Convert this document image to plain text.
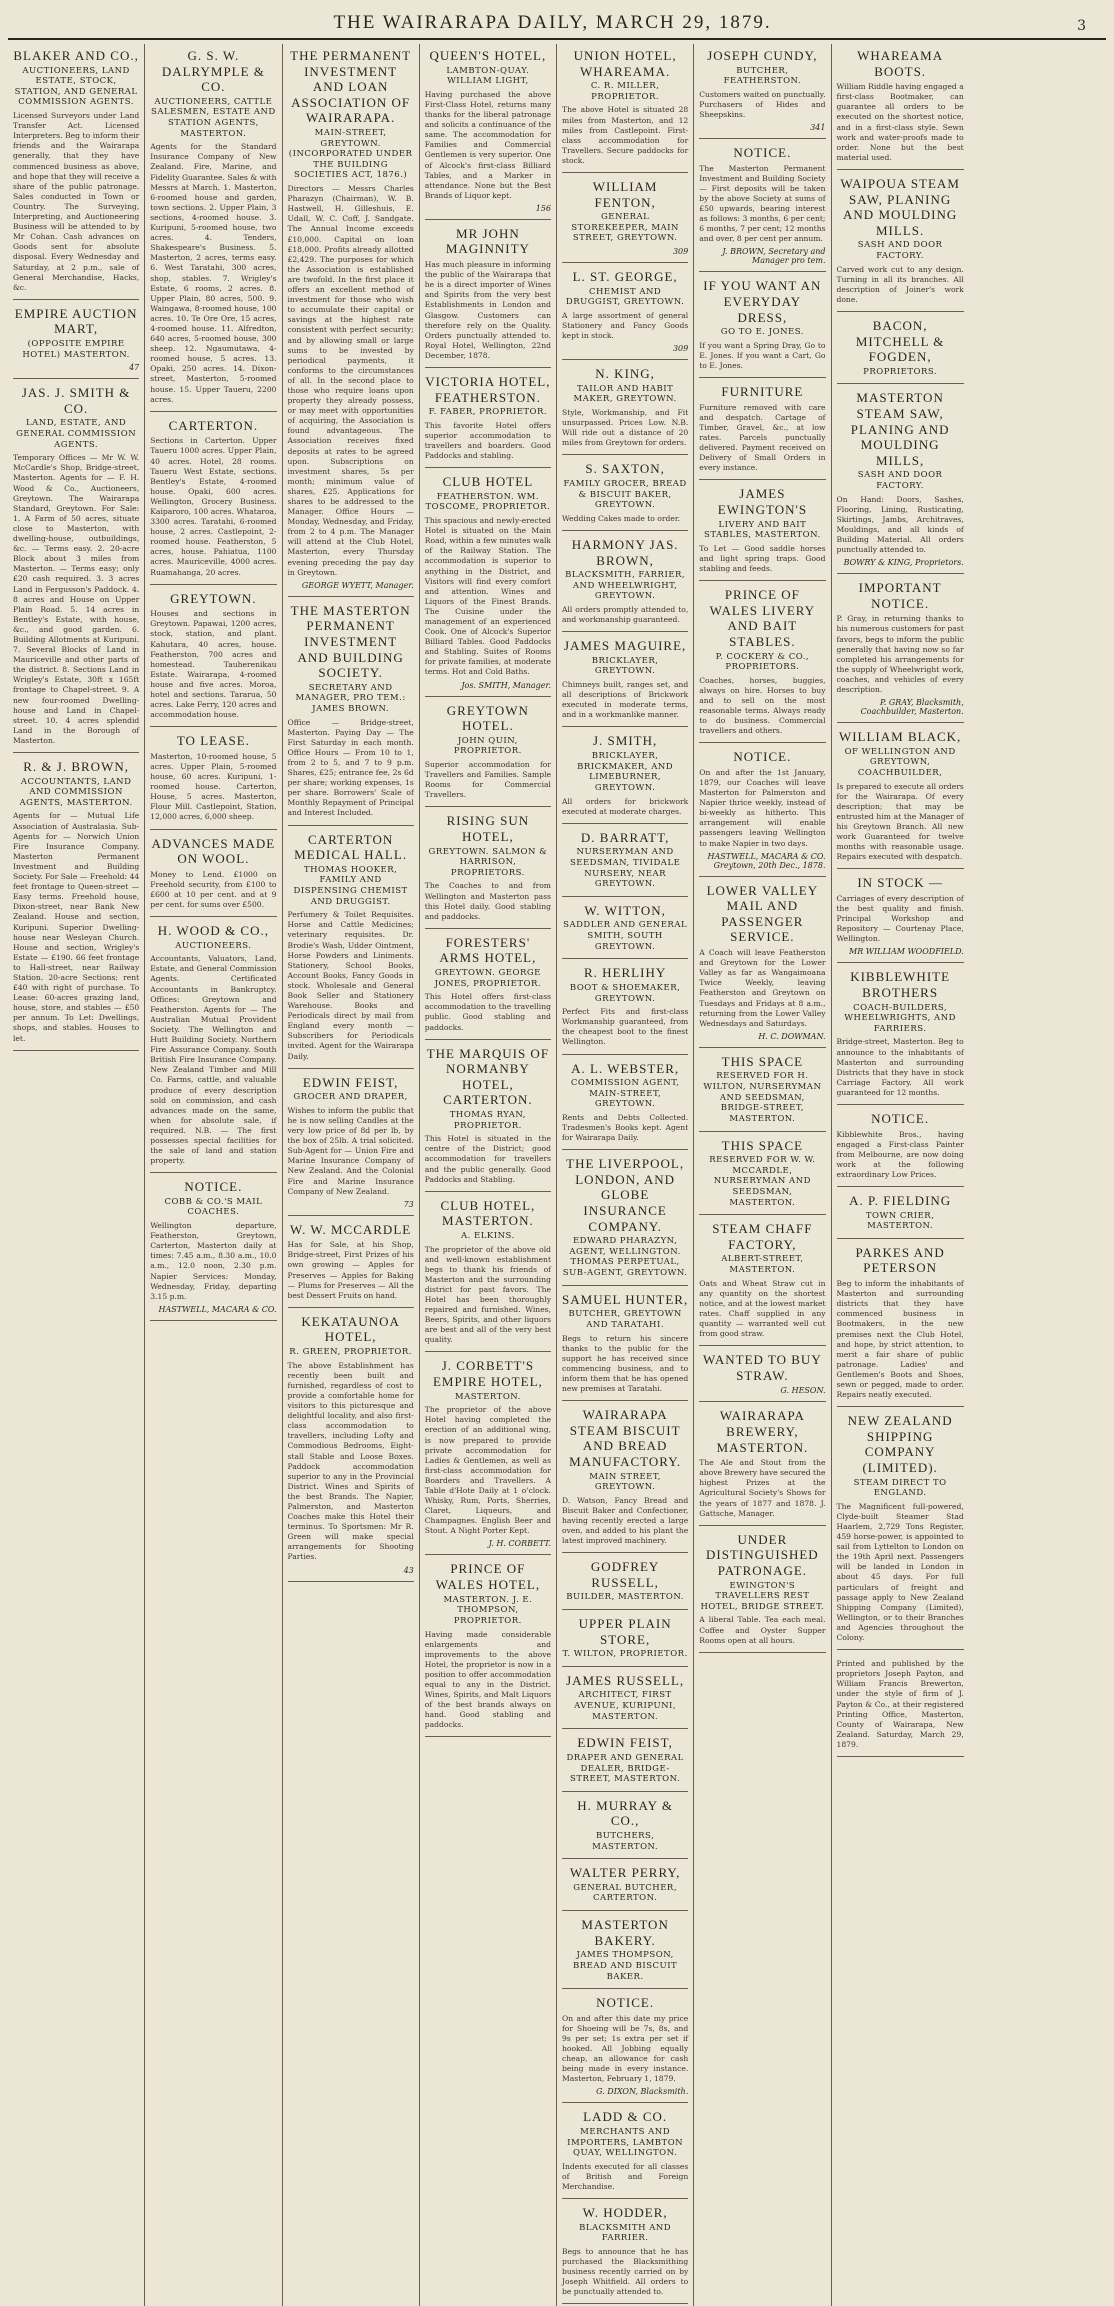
THE WAIRARAPA DAILY, MARCH 29, 1879.	3
BLAKER AND CO.,
AUCTIONEERS, LAND ESTATE, STOCK, STATION, AND GENERAL COMMISSION AGENTS.
Licensed Surveyors under Land Transfer Act. Licensed Interpreters. Beg to inform their friends and the Wairarapa generally, that they have commenced business as above, and hope that they will receive a share of the public patronage. Sales conducted in Town or Country. The Surveying, Interpreting, and Auctioneering Business will be attended to by Mr Cohan. Cash advances on Goods sent for absolute disposal. Every Wednesday and Saturday, at 2 p.m., sale of General Merchandise, Hacks, &c.
EMPIRE AUCTION MART,
(OPPOSITE EMPIRE HOTEL) MASTERTON.
47
JAS. J. SMITH & CO.
LAND, ESTATE, AND GENERAL COMMISSION AGENTS.
Temporary Offices — Mr W. W. McCardle's Shop, Bridge-street, Masterton. Agents for — F. H. Wood & Co., Auctioneers, Greytown. The Wairarapa Standard, Greytown. For Sale: 1. A Farm of 50 acres, situate close to Masterton, with dwelling-house, outbuildings, &c. — Terms easy. 2. 20-acre Block about 3 miles from Masterton. — Terms easy; only £20 cash required. 3. 3 acres Land in Fergusson's Paddock. 4. 8 acres and House on Upper Plain Road. 5. 14 acres in Bentley's Estate, with house, &c., and good garden. 6. Building Allotments at Kuripuni. 7. Several Blocks of Land in Mauriceville and other parts of the district. 8. Sections Land in Wrigley's Estate, 30ft x 165ft frontage to Chapel-street. 9. A new four-roomed Dwelling-house and Land in Chapel-street. 10. 4 acres splendid Land in the Borough of Masterton.
R. & J. BROWN,
ACCOUNTANTS, LAND AND COMMISSION AGENTS, MASTERTON.
Agents for — Mutual Life Association of Australasia. Sub-Agents for — Norwich Union Fire Insurance Company. Masterton Permanent Investment and Building Society. For Sale — Freehold: 44 feet frontage to Queen-street — Easy terms. Freehold house, Dixon-street, near Bank New Zealand. House and section, Kuripuni. Superior Dwelling-house near Wesleyan Church. House and section, Wrigley's Estate — £190. 66 feet frontage to Hall-street, near Railway Station. 20-acre Sections; rent £40 with right of purchase. To Lease: 60-acres grazing land, house, store, and stables — £50 per annum. To Let: Dwellings, shops, and stables. Houses to let.
G. S. W. DALRYMPLE & CO.
AUCTIONEERS, CATTLE SALESMEN, ESTATE AND STATION AGENTS, MASTERTON.
Agents for the Standard Insurance Company of New Zealand. Fire, Marine, and Fidelity Guarantee. Sales & with Messrs at March. 1. Masterton, 6-roomed house and garden, town sections. 2. Upper Plain, 3 sections, 4-roomed house. 3. Kuripuni, 5-roomed house, two acres. 4. Tenders, Shakespeare's Business. 5. Masterton, 2 acres, terms easy. 6. West Taratahi, 300 acres, shop, stables. 7. Wrigley's Estate, 6 rooms, 2 acres. 8. Upper Plain, 80 acres, 500. 9. Waingawa, 8-roomed house, 100 acres. 10. Te Ore Ore, 15 acres, 4-roomed house. 11. Alfredton, 640 acres, 5-roomed house, 300 sheep. 12. Ngaumutawa, 4-roomed house, 5 acres. 13. Opaki, 250 acres. 14. Dixon-street, Masterton, 5-roomed house. 15. Upper Taueru, 2200 acres.
CARTERTON.
Sections in Carterton. Upper Taueru 1000 acres. Upper Plain, 40 acres. Hotel, 28 rooms. Taueru West Estate, sections. Bentley's Estate, 4-roomed house. Opaki, 600 acres. Wellington, Grocery Business. Kaiparoro, 100 acres. Whataroa, 3300 acres. Taratahi, 6-roomed house, 2 acres. Castlepoint, 2-roomed house. Featherston, 5 acres, house. Pahiatua, 1100 acres. Mauriceville, 4000 acres. Ruamahanga, 20 acres.
GREYTOWN.
Houses and sections in Greytown. Papawai, 1200 acres, stock, station, and plant. Kahutara, 40 acres, house. Featherston, 700 acres and homestead. Tauherenikau Estate. Wairarapa, 4-roomed house and five acres. Moroa, hotel and sections. Tararua, 50 acres. Lake Ferry, 120 acres and accommodation house.
TO LEASE.
Masterton, 10-roomed house, 5 acres. Upper Plain, 5-roomed house, 60 acres. Kuripuni, 1-roomed house. Carterton, House, 5 acres. Masterton, Flour Mill. Castlepoint, Station, 12,000 acres, 6,000 sheep.
ADVANCES MADE ON WOOL.
Money to Lend. £1000 on Freehold security, from £100 to £600 at 10 per cent. and at 9 per cent. for sums over £500.
H. WOOD & CO.,
AUCTIONEERS.
Accountants, Valuators, Land, Estate, and General Commission Agents. Certificated Accountants in Bankruptcy. Offices: Greytown and Featherston. Agents for — The Australian Mutual Provident Society. The Wellington and Hutt Building Society. Northern Fire Assurance Company. South British Fire Insurance Company. New Zealand Timber and Mill Co. Farms, cattle, and valuable produce of every description sold on commission, and cash advances made on the same, when for absolute sale, if required. N.B. — The first possesses special facilities for the sale of land and station property.
NOTICE.
COBB & CO.'S MAIL COACHES.
Wellington departure, Featherston, Greytown, Carterton, Masterton daily at times: 7.45 a.m., 8.30 a.m., 10.0 a.m., 12.0 noon, 2.30 p.m. Napier Services: Monday, Wednesday, Friday, departing 3.15 p.m.
HASTWELL, MACARA & CO.
THE PERMANENT INVESTMENT AND LOAN ASSOCIATION OF WAIRARAPA.
MAIN-STREET, GREYTOWN. (INCORPORATED UNDER THE BUILDING SOCIETIES ACT, 1876.)
Directors — Messrs Charles Pharazyn (Chairman), W. B. Hastwell, H. Gilleshuis, E. Udall, W. C. Coff, J. Sandgate. The Annual Income exceeds £10,000. Capital on loan £18,000. Profits already allotted £2,429. The purposes for which the Association is established are twofold. In the first place it offers an excellent method of investment for those who wish to accumulate their capital or savings at the highest rate consistent with perfect security; and by allowing small or large sums to be invested by periodical payments, it conforms to the circumstances of all. In the second place to those who require loans upon property they already possess, or may meet with opportunities of acquiring, the Association is found advantageous. The Association receives fixed deposits at rates to be agreed upon. Subscriptions on investment shares, 5s per month; minimum value of shares, £25. Applications for shares to be addressed to the Manager. Office Hours — Monday, Wednesday, and Friday, from 2 to 4 p.m. The Manager will attend at the Club Hotel, Masterton, every Thursday evening preceding the pay day in Greytown.
GEORGE WYETT, Manager.
THE MASTERTON PERMANENT INVESTMENT AND BUILDING SOCIETY.
SECRETARY AND MANAGER, PRO TEM.: JAMES BROWN.
Office — Bridge-street, Masterton. Paying Day — The First Saturday in each month. Office Hours — From 10 to 1, from 2 to 5, and 7 to 9 p.m. Shares, £25; entrance fee, 2s 6d per share; working expenses, 1s per share. Borrowers' Scale of Monthly Repayment of Principal and Interest Included.
CARTERTON MEDICAL HALL.
THOMAS HOOKER, FAMILY AND DISPENSING CHEMIST AND DRUGGIST.
Perfumery & Toilet Requisites. Horse and Cattle Medicines; veterinary requisites. Dr. Brodie's Wash, Udder Ointment, Horse Powders and Liniments. Stationery, School Books, Account Books, Fancy Goods in stock. Wholesale and General Book Seller and Stationery Warehouse. Books and Periodicals direct by mail from England every month — Subscribers for Periodicals invited. Agent for the Wairarapa Daily.
EDWIN FEIST,
GROCER AND DRAPER,
Wishes to inform the public that he is now selling Candles at the very low price of 8d per lb, by the box of 25lb. A trial solicited. Sub-Agent for — Union Fire and Marine Insurance Company of New Zealand. And the Colonial Fire and Marine Insurance Company of New Zealand.
73
W. W. MCCARDLE
Has for Sale, at his Shop, Bridge-street, First Prizes of his own growing — Apples for Preserves — Apples for Baking — Plums for Preserves — All the best Dessert Fruits on hand.
KEKATAUNOA HOTEL,
R. GREEN, PROPRIETOR.
The above Establishment has recently been built and furnished, regardless of cost to provide a comfortable home for visitors to this picturesque and delightful locality, and also first-class accommodation to travellers, including Lofty and Commodious Bedrooms, Eight-stall Stable and Loose Boxes. Paddock accommodation superior to any in the Provincial District. Wines and Spirits of the best Brands. The Napier, Palmerston, and Masterton Coaches make this Hotel their terminus. To Sportsmen: Mr R. Green will make special arrangements for Shooting Parties.
43
QUEEN'S HOTEL,
LAMBTON-QUAY. WILLIAM LIGHT,
Having purchased the above First-Class Hotel, returns many thanks for the liberal patronage and solicits a continuance of the same. The accommodation for Families and Commercial Gentlemen is very superior. One of Alcock's first-class Billiard Tables, and a Marker in attendance. None but the Best Brands of Liquor kept.
156
MR JOHN MAGINNITY
Has much pleasure in informing the public of the Wairarapa that he is a direct importer of Wines and Spirits from the very best Establishments in London and Glasgow. Customers can therefore rely on the Quality. Orders punctually attended to. Royal Hotel, Wellington, 22nd December, 1878.
VICTORIA HOTEL, FEATHERSTON.
F. FABER, PROPRIETOR.
This favorite Hotel offers superior accommodation to travellers and boarders. Good Paddocks and stabling.
CLUB HOTEL
FEATHERSTON. WM. TOSCOME, PROPRIETOR.
This spacious and newly-erected Hotel is situated on the Main Road, within a few minutes walk of the Railway Station. The accommodation is superior to anything in the District, and Visitors will find every comfort and attention. Wines and Liquors of the Finest Brands. The Cuisine under the management of an experienced Cook. One of Alcock's Superior Billiard Tables. Good Paddocks and Stabling. Suites of Rooms for private families, at moderate terms. Hot and Cold Baths.
Jos. SMITH, Manager.
GREYTOWN HOTEL.
JOHN QUIN, PROPRIETOR.
Superior accommodation for Travellers and Families. Sample Rooms for Commercial Travellers.
RISING SUN HOTEL,
GREYTOWN. SALMON & HARRISON, PROPRIETORS.
The Coaches to and from Wellington and Masterton pass this Hotel daily. Good stabling and paddocks.
FORESTERS' ARMS HOTEL,
GREYTOWN. GEORGE JONES, PROPRIETOR.
This Hotel offers first-class accommodation to the travelling public. Good stabling and paddocks.
THE MARQUIS OF NORMANBY HOTEL, CARTERTON.
THOMAS RYAN, PROPRIETOR.
This Hotel is situated in the centre of the District; good accommodation for travellers and the public generally. Good Paddocks and Stabling.
CLUB HOTEL, MASTERTON.
A. ELKINS.
The proprietor of the above old and well-known establishment begs to thank his friends of Masterton and the surrounding district for past favors. The Hotel has been thoroughly repaired and furnished. Wines, Beers, Spirits, and other liquors are best and all of the very best quality.
J. CORBETT'S EMPIRE HOTEL,
MASTERTON.
The proprietor of the above Hotel having completed the erection of an additional wing, is now prepared to provide private accommodation for Ladies & Gentlemen, as well as first-class accommodation for Boarders and Travellers. A Table d'Hote Daily at 1 o'clock. Whisky, Rum, Ports, Sherries, Claret, Liqueurs, and Champagnes. English Beer and Stout. A Night Porter Kept.
J. H. CORBETT.
PRINCE OF WALES HOTEL,
MASTERTON. J. E. THOMPSON, PROPRIETOR.
Having made considerable enlargements and improvements to the above Hotel, the proprietor is now in a position to offer accommodation equal to any in the District. Wines, Spirits, and Malt Liquors of the best brands always on hand. Good stabling and paddocks.
UNION HOTEL, WHAREAMA.
C. R. MILLER, PROPRIETOR.
The above Hotel is situated 28 miles from Masterton, and 12 miles from Castlepoint. First-class accommodation for Travellers. Secure paddocks for stock.
WILLIAM FENTON,
GENERAL STOREKEEPER, MAIN STREET, GREYTOWN.
309
L. ST. GEORGE,
CHEMIST AND DRUGGIST, GREYTOWN.
A large assortment of general Stationery and Fancy Goods kept in stock.
309
N. KING,
TAILOR AND HABIT MAKER, GREYTOWN.
Style, Workmanship, and Fit unsurpassed. Prices Low. N.B. Will ride out a distance of 20 miles from Greytown for orders.
S. SAXTON,
FAMILY GROCER, BREAD & BISCUIT BAKER, GREYTOWN.
Wedding Cakes made to order.
HARMONY JAS. BROWN,
BLACKSMITH, FARRIER, AND WHEELWRIGHT, GREYTOWN.
All orders promptly attended to, and workmanship guaranteed.
JAMES MAGUIRE,
BRICKLAYER, GREYTOWN.
Chimneys built, ranges set, and all descriptions of Brickwork executed in moderate terms, and in a workmanlike manner.
J. SMITH,
BRICKLAYER, BRICKMAKER, AND LIMEBURNER, GREYTOWN.
All orders for brickwork executed at moderate charges.
D. BARRATT,
NURSERYMAN AND SEEDSMAN, TIVIDALE NURSERY, NEAR GREYTOWN.
W. WITTON,
SADDLER AND GENERAL SMITH, SOUTH GREYTOWN.
R. HERLIHY
BOOT & SHOEMAKER, GREYTOWN.
Perfect Fits and first-class Workmanship guaranteed, from the cheapest boot to the finest Wellington.
A. L. WEBSTER,
COMMISSION AGENT, MAIN-STREET, GREYTOWN.
Rents and Debts Collected. Tradesmen's Books kept. Agent for Wairarapa Daily.
THE LIVERPOOL, LONDON, AND GLOBE INSURANCE COMPANY.
EDWARD PHARAZYN, AGENT, WELLINGTON. THOMAS PERPETUAL, SUB-AGENT, GREYTOWN.
SAMUEL HUNTER,
BUTCHER, GREYTOWN AND TARATAHI.
Begs to return his sincere thanks to the public for the support he has received since commencing business, and to inform them that he has opened new premises at Taratahi.
WAIRARAPA STEAM BISCUIT AND BREAD MANUFACTORY.
MAIN STREET, GREYTOWN.
D. Watson, Fancy Bread and Biscuit Baker and Confectioner, having recently erected a large oven, and added to his plant the latest improved machinery.
GODFREY RUSSELL,
BUILDER, MASTERTON.
UPPER PLAIN STORE,
T. WILTON, PROPRIETOR.
JAMES RUSSELL,
ARCHITECT, FIRST AVENUE, KURIPUNI, MASTERTON.
EDWIN FEIST,
DRAPER AND GENERAL DEALER, BRIDGE-STREET, MASTERTON.
H. MURRAY & CO.,
BUTCHERS, MASTERTON.
WALTER PERRY,
GENERAL BUTCHER, CARTERTON.
MASTERTON BAKERY.
JAMES THOMPSON, BREAD AND BISCUIT BAKER.
NOTICE.
On and after this date my price for Shoeing will be 7s, 8s, and 9s per set; 1s extra per set if hooked. All Jobbing equally cheap, an allowance for cash being made in every instance. Masterton, February 1, 1879.
G. DIXON, Blacksmith.
LADD & CO.
MERCHANTS AND IMPORTERS, LAMBTON QUAY, WELLINGTON.
Indents executed for all classes of British and Foreign Merchandise.
W. HODDER,
BLACKSMITH AND FARRIER.
Begs to announce that he has purchased the Blacksmithing business recently carried on by Joseph Whitfield. All orders to be punctually attended to.
JOSEPH CUNDY,
BUTCHER, FEATHERSTON.
Customers waited on punctually. Purchasers of Hides and Sheepskins.
341
NOTICE.
The Masterton Permanent Investment and Building Society — First deposits will be taken by the above Society at sums of £50 upwards, bearing interest as follows: 3 months, 6 per cent; 6 months, 7 per cent; 12 months and over, 8 per cent per annum.
J. BROWN, Secretary and Manager pro tem.
IF YOU WANT AN EVERYDAY DRESS,
GO TO E. JONES.
If you want a Spring Dray, Go to E. Jones. If you want a Cart, Go to E. Jones.
FURNITURE
Furniture removed with care and despatch. Cartage of Timber, Gravel, &c., at low rates. Parcels punctually delivered. Payment received on Delivery of Small Orders in every instance.
JAMES EWINGTON'S
LIVERY AND BAIT STABLES, MASTERTON.
To Let — Good saddle horses and light spring traps. Good stabling and feeds.
PRINCE OF WALES LIVERY AND BAIT STABLES.
P. COCKERY & CO., PROPRIETORS.
Coaches, horses, buggies, always on hire. Horses to buy and to sell on the most reasonable terms. Always ready to do business. Commercial travellers and others.
NOTICE.
On and after the 1st January, 1879, our Coaches will leave Masterton for Palmerston and Napier thrice weekly, instead of bi-weekly as hitherto. This arrangement will enable passengers leaving Wellington to make Napier in two days.
HASTWELL, MACARA & CO. Greytown, 20th Dec., 1878.
LOWER VALLEY MAIL AND PASSENGER SERVICE.
A Coach will leave Featherston and Greytown for the Lower Valley as far as Wangaimoana Twice Weekly, leaving Featherston and Greytown on Tuesdays and Fridays at 8 a.m., returning from the Lower Valley Wednesdays and Saturdays.
H. C. DOWMAN.
THIS SPACE
RESERVED FOR H. WILTON, NURSERYMAN AND SEEDSMAN, BRIDGE-STREET, MASTERTON.
THIS SPACE
RESERVED FOR W. W. MCCARDLE, NURSERYMAN AND SEEDSMAN, MASTERTON.
STEAM CHAFF FACTORY,
ALBERT-STREET, MASTERTON.
Oats and Wheat Straw cut in any quantity on the shortest notice, and at the lowest market rates. Chaff supplied in any quantity — warranted well cut from good straw.
WANTED TO BUY STRAW.
G. HESON.
WAIRARAPA BREWERY, MASTERTON.
The Ale and Stout from the above Brewery have secured the highest Prizes at the Agricultural Society's Shows for the years of 1877 and 1878. J. Gattsche, Manager.
UNDER DISTINGUISHED PATRONAGE.
EWINGTON'S TRAVELLERS REST HOTEL, BRIDGE STREET.
A liberal Table. Tea each meal. Coffee and Oyster Supper Rooms open at all hours.
WHAREAMA BOOTS.
William Riddle having engaged a first-class Bootmaker, can guarantee all orders to be executed on the shortest notice, and in a first-class style. Sewn work and water-proofs made to order. None but the best material used.
WAIPOUA STEAM SAW, PLANING AND MOULDING MILLS.
SASH AND DOOR FACTORY.
Carved work cut to any design. Turning in all its branches. All description of Joiner's work done.
BACON, MITCHELL & FOGDEN,
PROPRIETORS.
MASTERTON STEAM SAW, PLANING AND MOULDING MILLS,
SASH AND DOOR FACTORY.
On Hand: Doors, Sashes, Flooring, Lining, Rusticating, Skirtings, Jambs, Architraves, Mouldings, and all kinds of Building Material. All orders punctually attended to.
BOWRY & KING, Proprietors.
IMPORTANT NOTICE.
P. Gray, in returning thanks to his numerous customers for past favors, begs to inform the public generally that having now so far completed his arrangements for the supply of Wheelwright work, coaches, and vehicles of every description.
P. GRAY, Blacksmith, Coachbuilder, Masterton.
WILLIAM BLACK,
OF WELLINGTON AND GREYTOWN, COACHBUILDER,
Is prepared to execute all orders for the Wairarapa. Of every description; that may be entrusted him at the Manager of his Greytown Branch. All new work Guaranteed for twelve months with reasonable usage. Repairs executed with despatch.
IN STOCK —
Carriages of every description of the best quality and finish. Principal Workshop and Repository — Courtenay Place, Wellington.
MR WILLIAM WOODFIELD.
KIBBLEWHITE BROTHERS
COACH-BUILDERS, WHEELWRIGHTS, AND FARRIERS.
Bridge-street, Masterton. Beg to announce to the inhabitants of Masterton and surrounding Districts that they have in stock Carriage Factory. All work guaranteed for 12 months.
NOTICE.
Kibblewhite Bros., having engaged a First-class Painter from Melbourne, are now doing work at the following extraordinary Low Prices.
A. P. FIELDING
TOWN CRIER, MASTERTON.
PARKES AND PETERSON
Beg to inform the inhabitants of Masterton and surrounding districts that they have commenced business in Bootmakers, in the new premises next the Club Hotel, and hope, by strict attention, to merit a fair share of public patronage. Ladies' and Gentlemen's Boots and Shoes, sewn or pegged, made to order. Repairs neatly executed.
NEW ZEALAND SHIPPING COMPANY (LIMITED).
STEAM DIRECT TO ENGLAND.
The Magnificent full-powered, Clyde-built Steamer Stad Haarlem, 2,729 Tons Register, 459 horse-power, is appointed to sail from Lyttelton to London on the 19th April next. Passengers will be landed in London in about 45 days. For full particulars of freight and passage apply to New Zealand Shipping Company (Limited), Wellington, or to their Branches and Agencies throughout the Colony.
Printed and published by the proprietors Joseph Payton, and William Francis Brewerton, under the style of firm of J. Payton & Co., at their registered Printing Office, Masterton, County of Wairarapa, New Zealand. Saturday, March 29, 1879.
